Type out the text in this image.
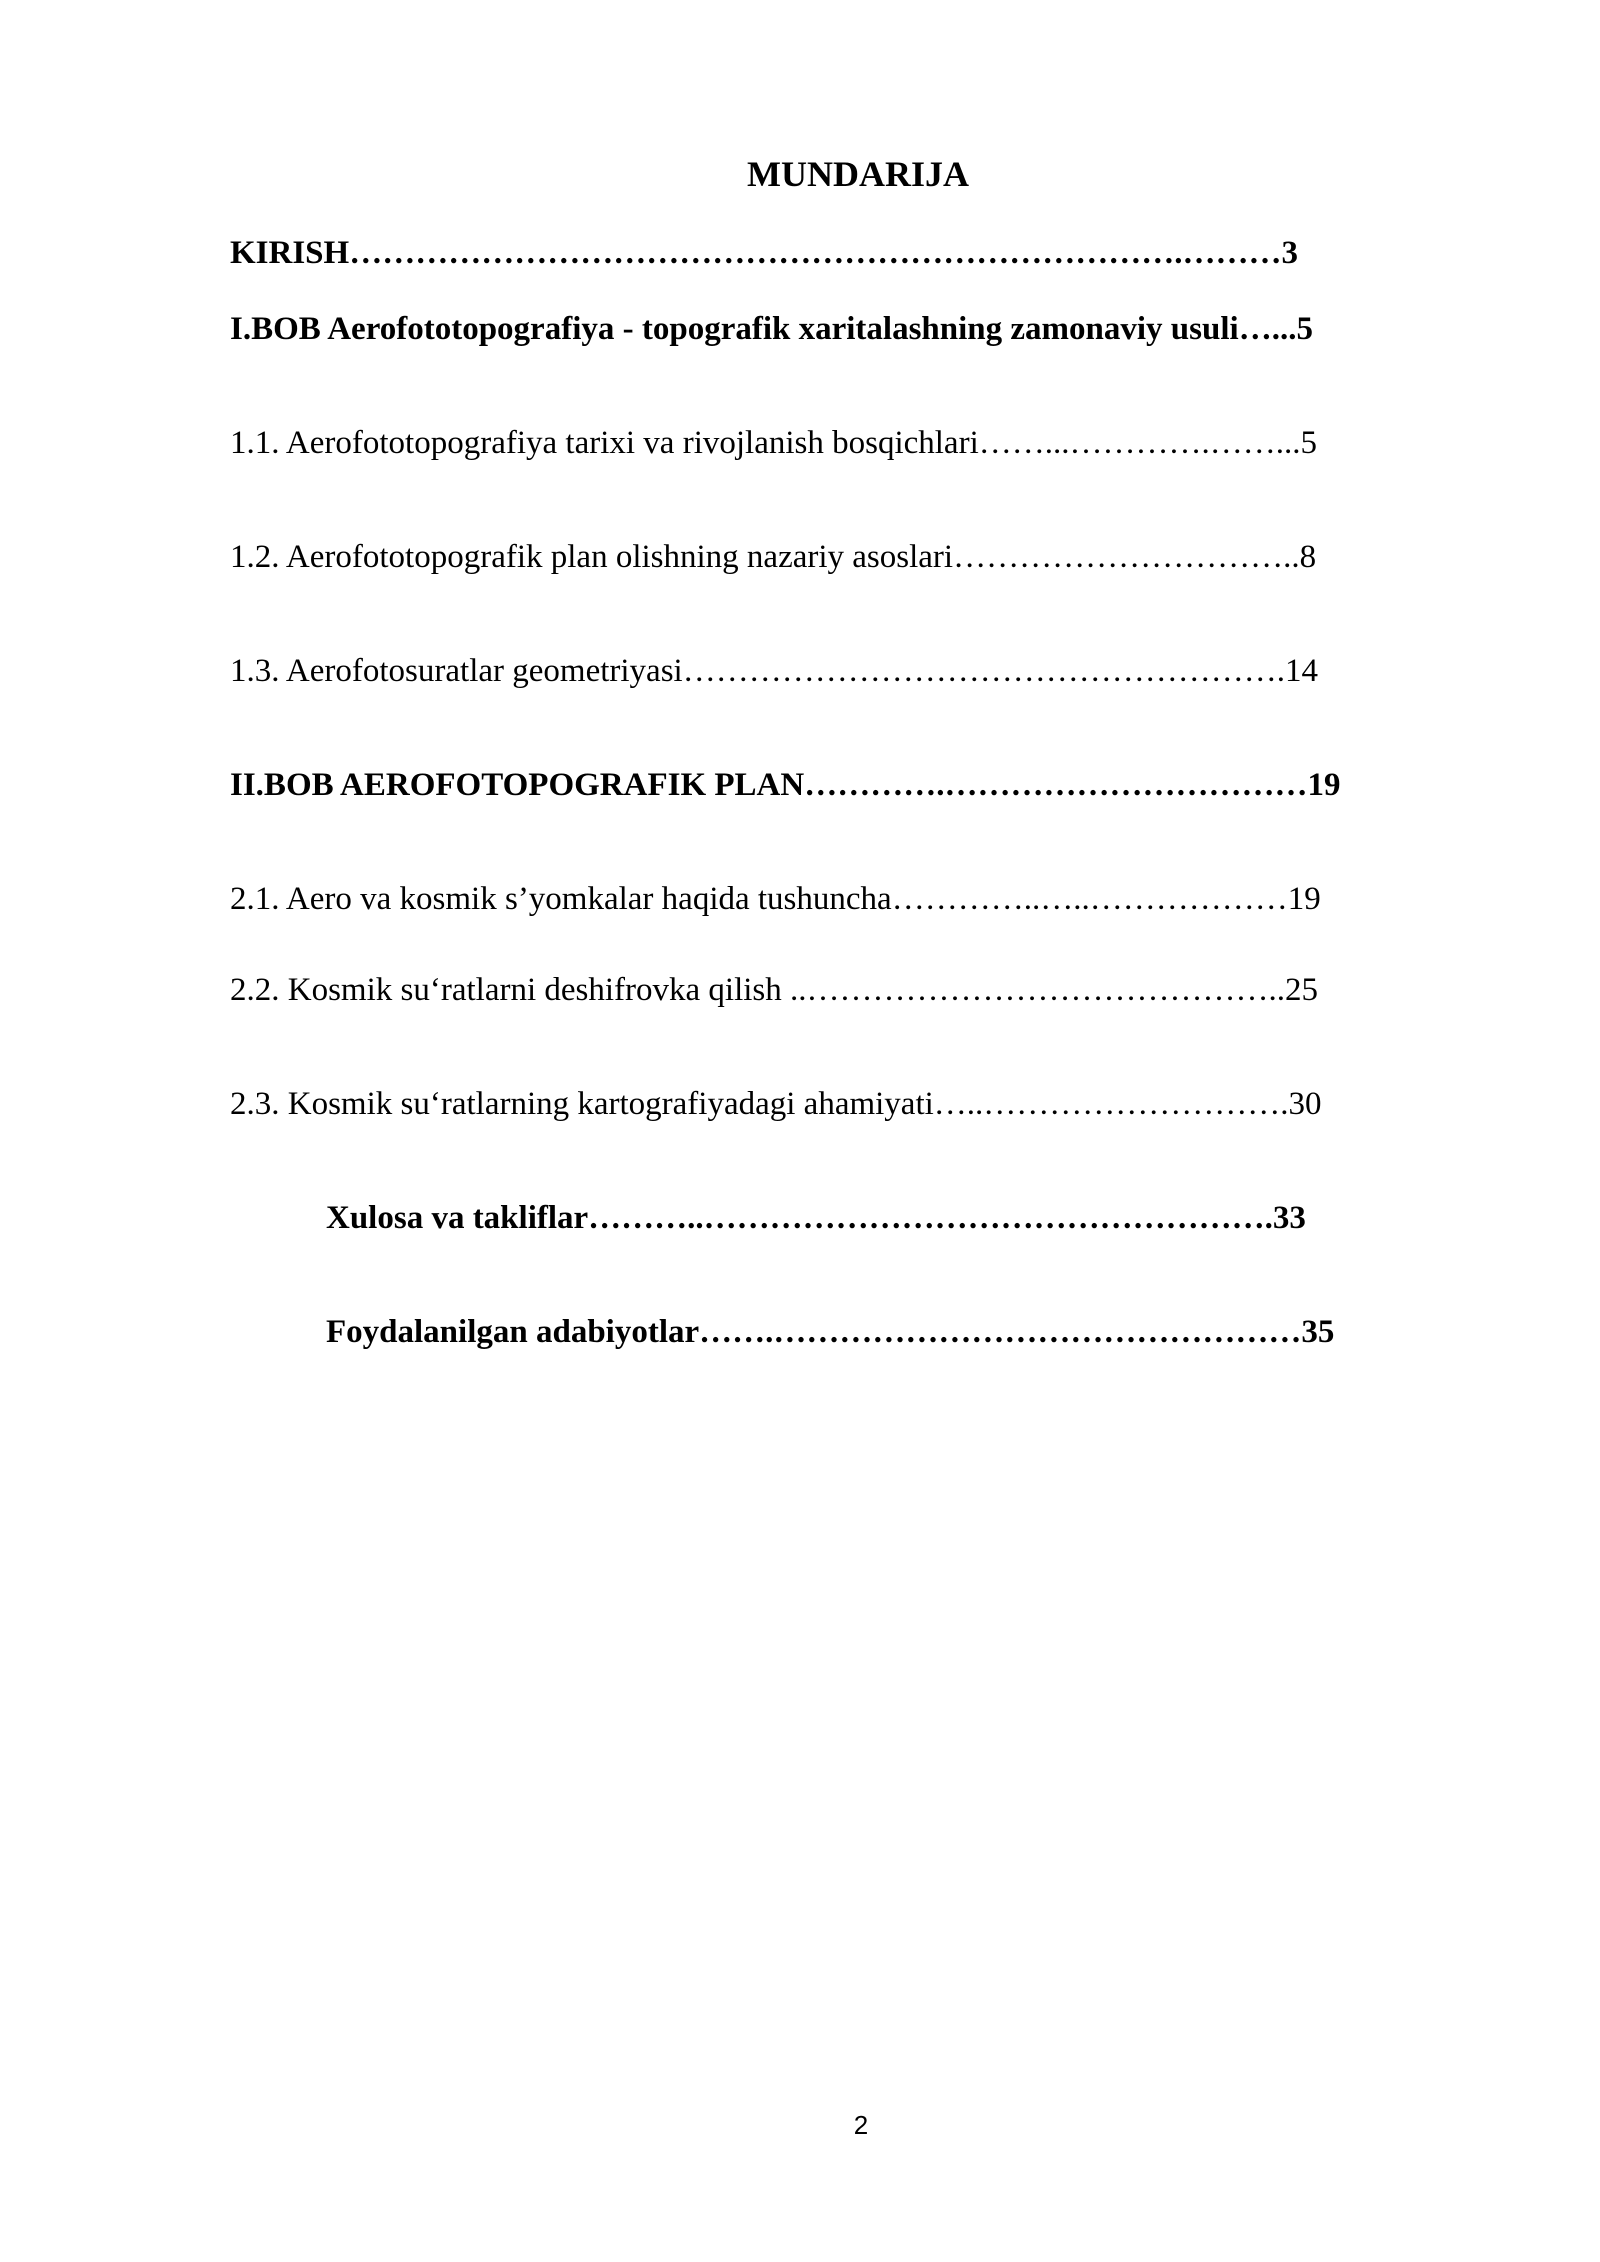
MUNDARIJA
KIRISH………………………………………………………………….………3
I.BOB Aerofototopografiya - topografik xaritalashning zamonaviy usuli…...5
1.1. Aerofototopografiya tarixi va rivojlanish bosqichlari……...………….……...5
1.2. Aerofototopografik plan olishning nazariy asoslari…………………………..8
1.3. Aerofotosuratlar geometriyasi……………………………………………….14
II.BOB AEROFOTOPOGRAFIK PLAN………….……………………………19
2.1. Aero va kosmik s’yomkalar haqida tushuncha…………..…..………………19
2.2. Kosmik su‘ratlarni deshifrovka qilish ..……………………………………..25
2.3. Kosmik su‘ratlarning kartografiyadagi ahamiyati…..……………………….30
Xulosa va takliflar………..…………………………………………….33
Foydalanilgan adabiyotlar…….…………………………………………35
2
